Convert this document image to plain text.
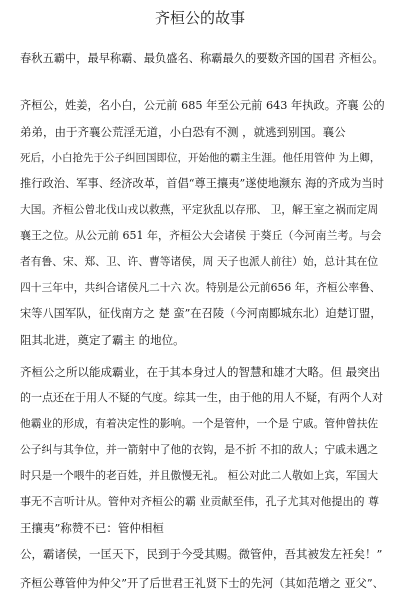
齐桓公的故事
春秋五霸中，最早称霸、最负盛名、称霸最久的要数齐国的国君 齐桓公。
齐桓公，姓姜，名小白，公元前 685 年至公元前 643 年执政。齐襄 公的
弟弟，由于齐襄公荒淫无道，小白恐有不测 ，就逃到别国。襄公
死后，小白抢先于公子纠回国即位，开始他的霸主生涯。他任用管仲 为上卿，
推行政治、军事、经济改革，首倡“尊王攘夷”遂使地濒东 海的齐成为当时
大国。齐桓公曾北伐山戎以救燕，平定狄乱以存邢、 卫，解王室之祸而定周
襄王之位。从公元前 651 年，齐桓公大会诸侯 于葵丘（今河南兰考。与会
者有鲁、宋、郑、卫、许、曹等诸侯，周 天子也派人前往）始，总计其在位
四十三年中，共纠合诸侯凡二十六 次。特别是公元前656 年，齐桓公率鲁、
宋等八国军队，征伐南方之 楚 蛮”在召陵（今河南郾城东北）迫楚订盟，
阻其北进，奠定了霸主 的地位。
齐桓公之所以能成霸业，在于其本身过人的智慧和雄才大略。但 最突出
的一点还在于用人不疑的气度。综其一生，由于他的用人不疑，有两个人对
他霸业的形成，有着决定性的影响。一个是管仲，一个是 宁戚。管仲曾扶佐
公子纠与其争位，并一箭射中了他的衣钩，是不折 不扣的敌人；宁戚未遇之
时只是一个喂牛的老百姓，并且傲慢无礼。 桓公对此二人敬如上宾，军国大
事无不言听计从。管仲对齐桓公的霸 业贡献至伟，孔子尤其对他提出的 尊
王攘夷”称赞不已：管仲相桓
公，霸诸侯，一匡天下，民到于今受其赐。微管仲，吾其被发左衽矣！”
齐桓公尊管仲为仲父”开了后世君王礼贤下士的先河（其如范增之 亚父”、
